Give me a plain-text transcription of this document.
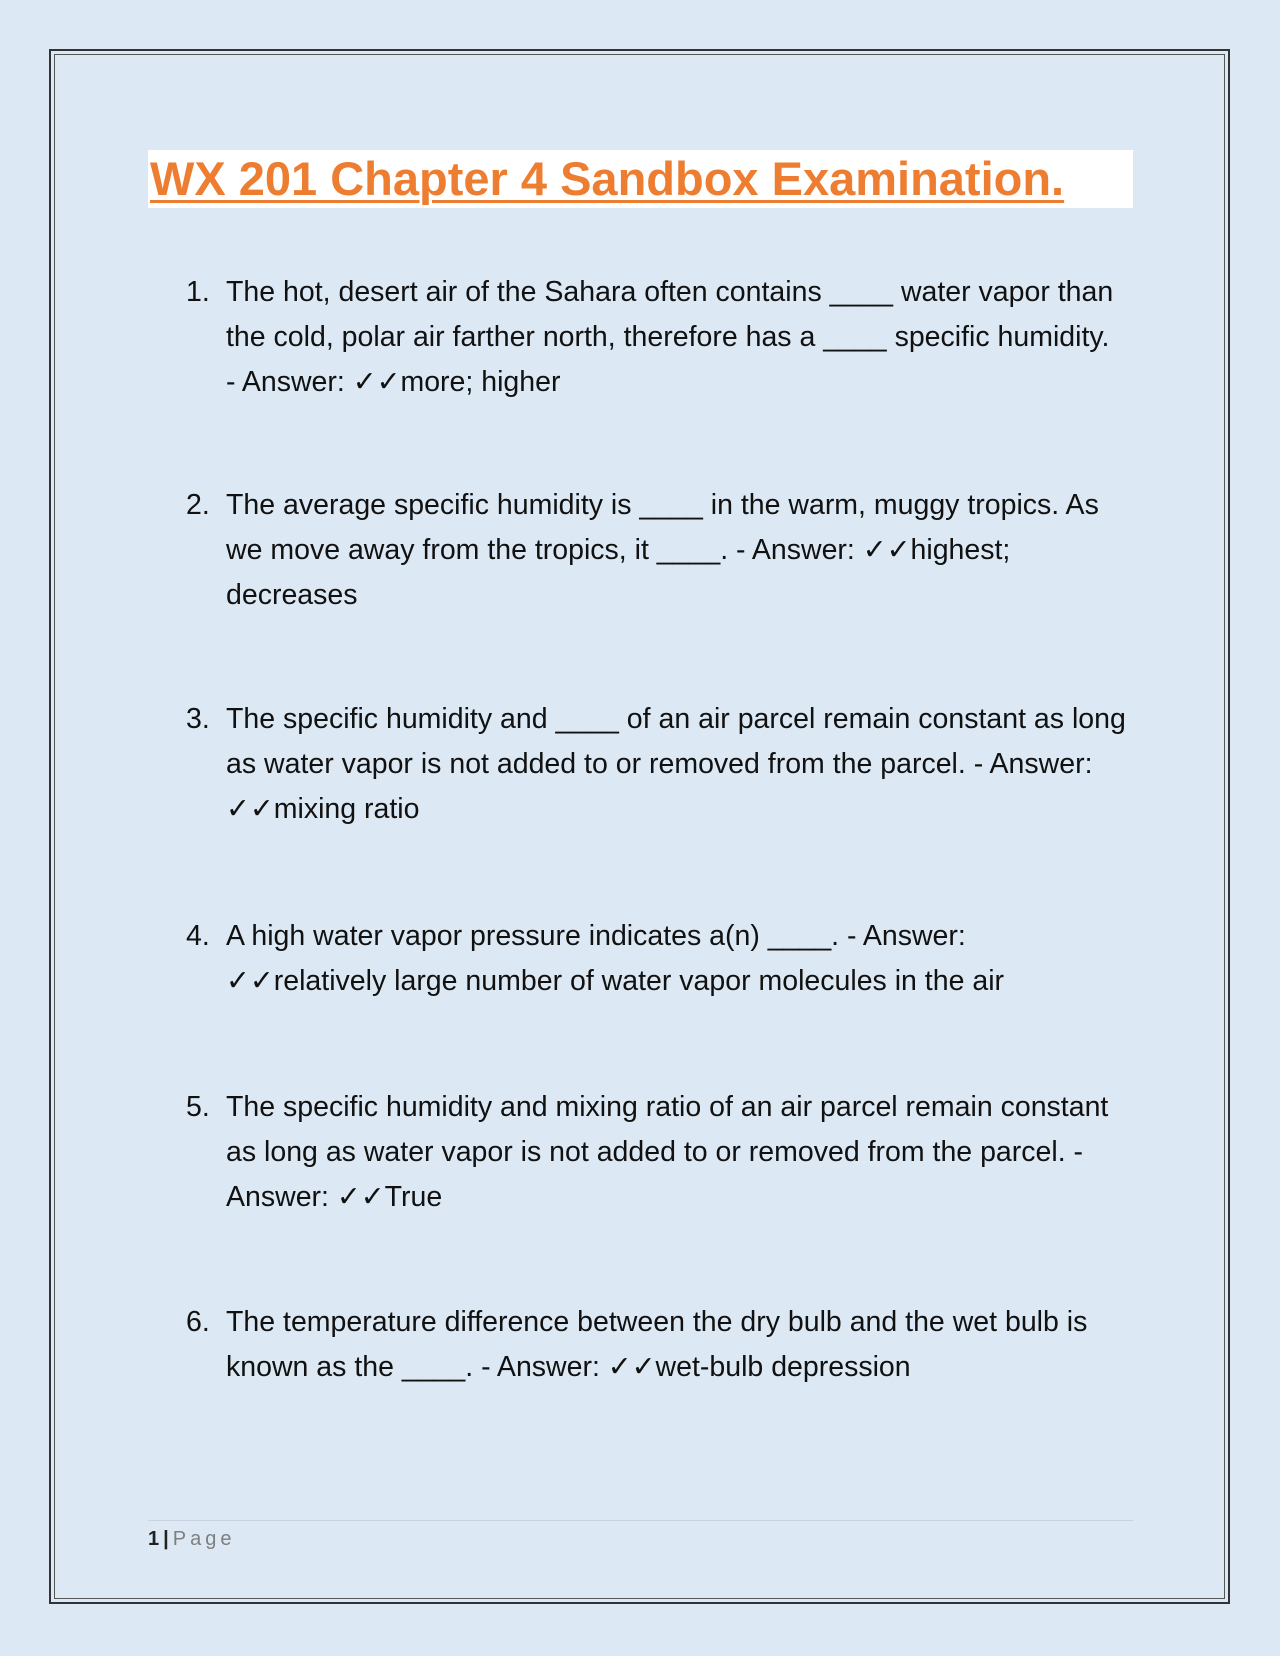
WX 201 Chapter 4 Sandbox Examination.
1. The hot, desert air of the Sahara often contains ____ water vapor than the cold, polar air farther north, therefore has a ____ specific humidity. - Answer: ✓✓more; higher
2. The average specific humidity is ____ in the warm, muggy tropics. As we move away from the tropics, it ____. - Answer: ✓✓highest; decreases
3. The specific humidity and ____ of an air parcel remain constant as long as water vapor is not added to or removed from the parcel. - Answer: ✓✓mixing ratio
4. A high water vapor pressure indicates a(n) ____. - Answer: ✓✓relatively large number of water vapor molecules in the air
5. The specific humidity and mixing ratio of an air parcel remain constant as long as water vapor is not added to or removed from the parcel. - Answer: ✓✓True
6. The temperature difference between the dry bulb and the wet bulb is known as the ____. - Answer: ✓✓wet-bulb depression
1 | Page
